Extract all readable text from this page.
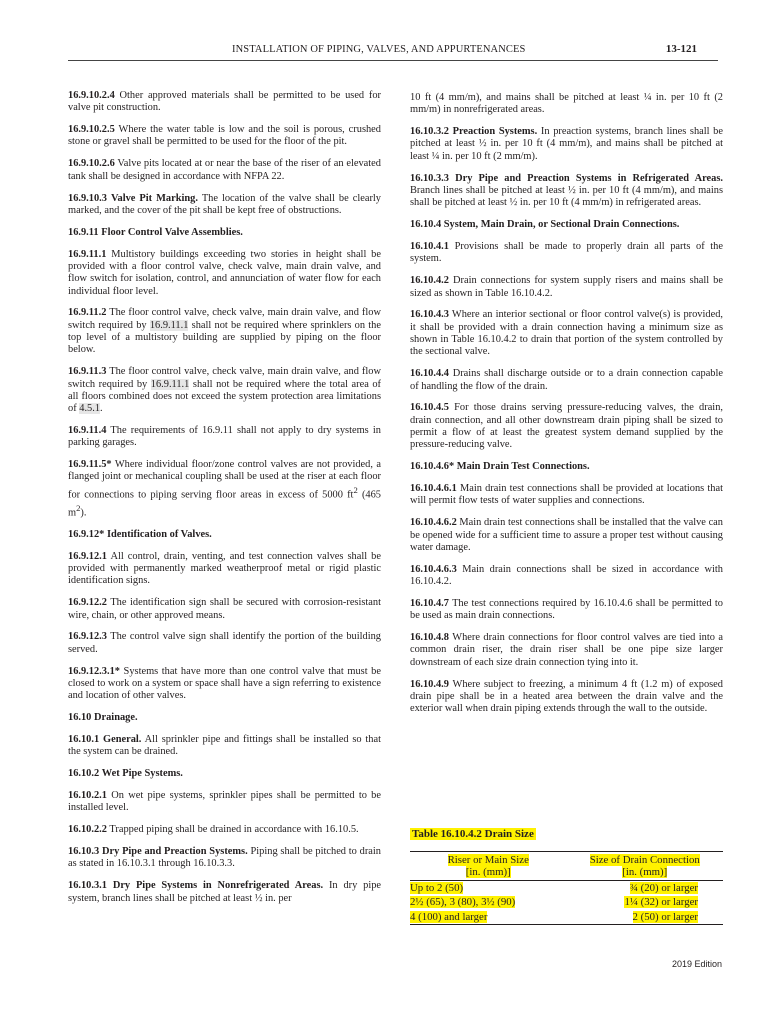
INSTALLATION OF PIPING, VALVES, AND APPURTENANCES	13-121

16.9.10.2.4 Other approved materials shall be permitted to be used for valve pit construction.

16.9.10.2.5 Where the water table is low and the soil is porous, crushed stone or gravel shall be permitted to be used for the floor of the pit.

16.9.10.2.6 Valve pits located at or near the base of the riser of an elevated tank shall be designed in accordance with NFPA 22.

16.9.10.3 Valve Pit Marking. The location of the valve shall be clearly marked, and the cover of the pit shall be kept free of obstructions.

16.9.11 Floor Control Valve Assemblies.

16.9.11.1 Multistory buildings exceeding two stories in height shall be provided with a floor control valve, check valve, main drain valve, and flow switch for isolation, control, and annunciation of water flow for each individual floor level.

16.9.11.2 The floor control valve, check valve, main drain valve, and flow switch required by 16.9.11.1 shall not be required where sprinklers on the top level of a multistory building are supplied by piping on the floor below.

16.9.11.3 The floor control valve, check valve, main drain valve, and flow switch required by 16.9.11.1 shall not be required where the total area of all floors combined does not exceed the system protection area limitations of 4.5.1.

16.9.11.4 The requirements of 16.9.11 shall not apply to dry systems in parking garages.

16.9.11.5* Where individual floor/zone control valves are not provided, a flanged joint or mechanical coupling shall be used at the riser at each floor for connections to piping serving floor areas in excess of 5000 $ft^2$ (465 $m^2$).

16.9.12* Identification of Valves.

16.9.12.1 All control, drain, venting, and test connection valves shall be provided with permanently marked weatherproof metal or rigid plastic identification signs.

16.9.12.2 The identification sign shall be secured with corrosion-resistant wire, chain, or other approved means.

16.9.12.3 The control valve sign shall identify the portion of the building served.

16.9.12.3.1* Systems that have more than one control valve that must be closed to work on a system or space shall have a sign referring to existence and location of other valves.

16.10 Drainage.

16.10.1 General. All sprinkler pipe and fittings shall be installed so that the system can be drained.

16.10.2 Wet Pipe Systems.

16.10.2.1 On wet pipe systems, sprinkler pipes shall be permitted to be installed level.

16.10.2.2 Trapped piping shall be drained in accordance with 16.10.5.

16.10.3 Dry Pipe and Preaction Systems. Piping shall be pitched to drain as stated in 16.10.3.1 through 16.10.3.3.

16.10.3.1 Dry Pipe Systems in Nonrefrigerated Areas. In dry pipe system, branch lines shall be pitched at least ½ in. per

10 ft (4 mm/m), and mains shall be pitched at least ¼ in. per 10 ft (2 mm/m) in nonrefrigerated areas.

16.10.3.2 Preaction Systems. In preaction systems, branch lines shall be pitched at least ½ in. per 10 ft (4 mm/m), and mains shall be pitched at least ¼ in. per 10 ft (2 mm/m).

16.10.3.3 Dry Pipe and Preaction Systems in Refrigerated Areas. Branch lines shall be pitched at least ½ in. per 10 ft (4 mm/m), and mains shall be pitched at least ½ in. per 10 ft (4 mm/m) in refrigerated areas.

16.10.4 System, Main Drain, or Sectional Drain Connections.

16.10.4.1 Provisions shall be made to properly drain all parts of the system.

16.10.4.2 Drain connections for system supply risers and mains shall be sized as shown in Table 16.10.4.2.

16.10.4.3 Where an interior sectional or floor control valve(s) is provided, it shall be provided with a drain connection having a minimum size as shown in Table 16.10.4.2 to drain that portion of the system controlled by the sectional valve.

16.10.4.4 Drains shall discharge outside or to a drain connection capable of handling the flow of the drain.

16.10.4.5 For those drains serving pressure-reducing valves, the drain, drain connection, and all other downstream drain piping shall be sized to permit a flow of at least the greatest system demand supplied by the pressure-reducing valve.

16.10.4.6* Main Drain Test Connections.

16.10.4.6.1 Main drain test connections shall be provided at locations that will permit flow tests of water supplies and connections.

16.10.4.6.2 Main drain test connections shall be installed that the valve can be opened wide for a sufficient time to assure a proper test without causing water damage.

16.10.4.6.3 Main drain connections shall be sized in accordance with 16.10.4.2.

16.10.4.7 The test connections required by 16.10.4.6 shall be permitted to be used as main drain connections.

16.10.4.8 Where drain connections for floor control valves are tied into a common drain riser, the drain riser shall be one pipe size larger downstream of each size drain connection tying into it.

16.10.4.9 Where subject to freezing, a minimum 4 ft (1.2 m) of exposed drain pipe shall be in a heated area between the drain valve and the exterior wall when drain piping extends through the wall to the outside.

Table 16.10.4.2 Drain Size
Riser or Main Size
[in. (mm)]	Size of Drain Connection
[in. (mm)]
Up to 2 (50)	¾ (20) or larger
2½ (65), 3 (80), 3½ (90)	1¼ (32) or larger
4 (100) and larger	2 (50) or larger
2019 Edition
